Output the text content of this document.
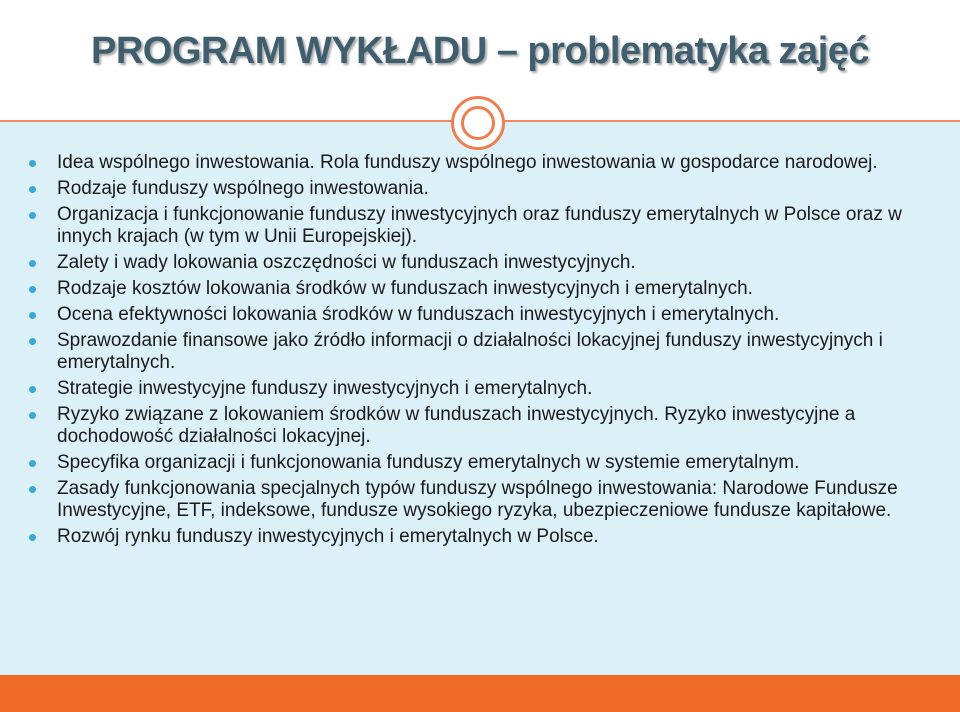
PROGRAM WYKŁADU – problematyka zajęć
Idea wspólnego inwestowania. Rola funduszy wspólnego inwestowania w gospodarce narodowej.
Rodzaje funduszy wspólnego inwestowania.
Organizacja i funkcjonowanie funduszy inwestycyjnych oraz funduszy emerytalnych w Polsce oraz w innych krajach (w tym w Unii Europejskiej).
Zalety i wady lokowania oszczędności w funduszach inwestycyjnych.
Rodzaje kosztów lokowania środków w funduszach inwestycyjnych i emerytalnych.
Ocena efektywności lokowania środków w funduszach inwestycyjnych i emerytalnych.
Sprawozdanie finansowe jako źródło informacji o działalności lokacyjnej funduszy inwestycyjnych i emerytalnych.
Strategie inwestycyjne funduszy inwestycyjnych i emerytalnych.
Ryzyko związane z lokowaniem środków w funduszach inwestycyjnych. Ryzyko inwestycyjne a dochodowość działalności lokacyjnej.
Specyfika organizacji i funkcjonowania funduszy emerytalnych w systemie emerytalnym.
Zasady funkcjonowania specjalnych typów funduszy wspólnego inwestowania: Narodowe Fundusze Inwestycyjne, ETF, indeksowe, fundusze wysokiego ryzyka, ubezpieczeniowe fundusze kapitałowe.
Rozwój rynku funduszy inwestycyjnych i emerytalnych w Polsce.
